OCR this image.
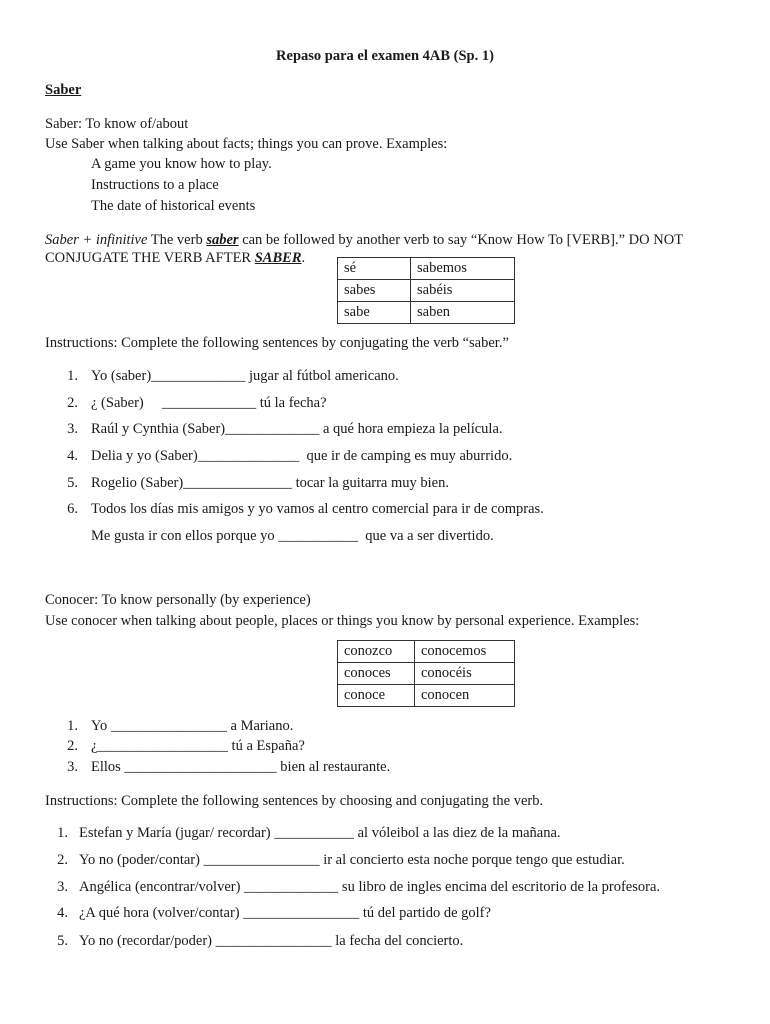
Repaso para el examen 4AB (Sp. 1)
Saber
Saber: To know of/about
Use Saber when talking about facts; things you can prove. Examples:
A game you know how to play.
Instructions to a place
The date of historical events
Saber + infinitive The verb saber can be followed by another verb to say “Know How To [VERB].” DO NOT
CONJUGATE THE VERB AFTER SABER.
sé	sabemos
sabes	sabéis
sabe	saben
Instructions: Complete the following sentences by conjugating the verb “saber.”
1. Yo (saber)_____________ jugar al fútbol americano.
2. ¿ (Saber)     _____________ tú la fecha?
3. Raúl y Cynthia (Saber)_____________ a qué hora empieza la película.
4. Delia y yo (Saber)______________  que ir de camping es muy aburrido.
5. Rogelio (Saber)_______________ tocar la guitarra muy bien.
6. Todos los días mis amigos y yo vamos al centro comercial para ir de compras.
Me gusta ir con ellos porque yo ___________  que va a ser divertido.
Conocer: To know personally (by experience)
Use conocer when talking about people, places or things you know by personal experience. Examples:
conozco	conocemos
conoces	conocéis
conoce	conocen
1. Yo ________________ a Mariano.
2. ¿__________________ tú a España?
3. Ellos _____________________ bien al restaurante.
Instructions: Complete the following sentences by choosing and conjugating the verb.
1. Estefan y María (jugar/ recordar) ___________ al vóleibol a las diez de la mañana.
2. Yo no (poder/contar) ________________ ir al concierto esta noche porque tengo que estudiar.
3. Angélica (encontrar/volver) _____________ su libro de ingles encima del escritorio de la profesora.
4. ¿A qué hora (volver/contar) ________________ tú del partido de golf?
5. Yo no (recordar/poder) ________________ la fecha del concierto.
